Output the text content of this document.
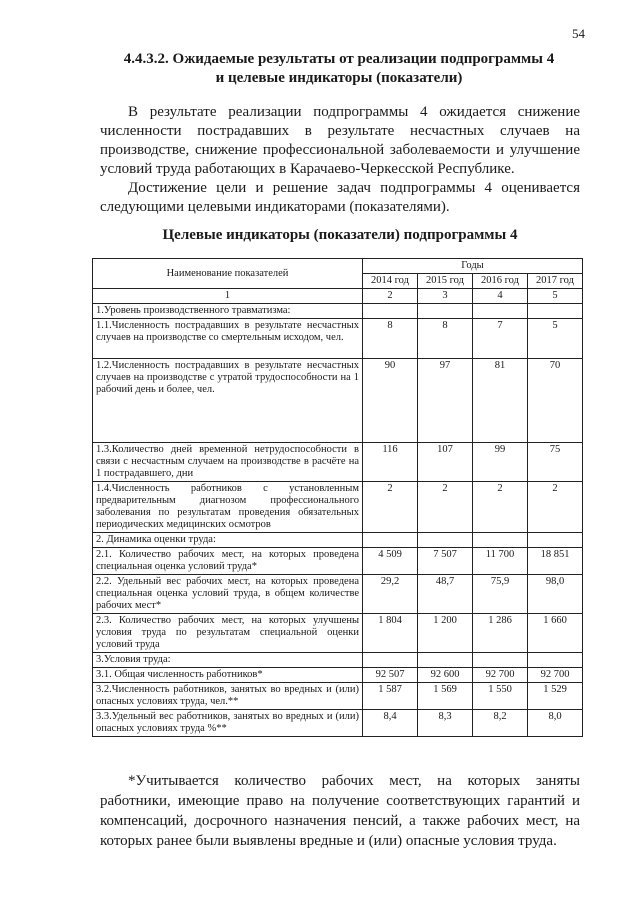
54
4.4.3.2. Ожидаемые результаты от реализации подпрограммы 4
и целевые индикаторы (показатели)
В результате реализации подпрограммы 4 ожидается снижение численности пострадавших в результате несчастных случаев на производстве, снижение профессиональной заболеваемости и улучшение условий труда работающих в Карачаево-Черкесской Республике.
Достижение цели и решение задач подпрограммы 4 оценивается следующими целевыми индикаторами (показателями).
Целевые индикаторы (показатели) подпрограммы 4
Наименование показателей	Годы			
	2014 год	2015 год	2016 год	2017 год
1	2	3	4	5
1.Уровень производственного травматизма:				
1.1.Численность пострадавших в результате несчастных случаев на производстве со смертельным исходом, чел.	8	8	7	5
1.2.Численность пострадавших в результате несчастных случаев на производстве с утратой трудоспособности на 1 рабочий день и более, чел.	90	97	81	70
1.3.Количество дней временной нетрудоспособности в связи с несчастным случаем на производстве в расчёте на 1 пострадавшего, дни	116	107	99	75
1.4.Численность работников с установленным предварительным диагнозом профессионального заболевания по результатам проведения обязательных периодических медицинских осмотров	2	2	2	2
2. Динамика оценки труда:				
2.1. Количество рабочих мест, на которых проведена специальная оценка условий труда*	4 509	7 507	11 700	18 851
2.2. Удельный вес рабочих мест, на которых проведена специальная оценка условий труда, в общем количестве рабочих мест*	29,2	48,7	75,9	98,0
2.3. Количество рабочих мест, на которых улучшены условия труда по результатам специальной оценки условий труда	1 804	1 200	1 286	1 660
3.Условия труда:				
3.1. Общая численность работников*	92 507	92 600	92 700	92 700
3.2.Численность работников, занятых во вредных и (или) опасных условиях труда, чел.**	1 587	1 569	1 550	1 529
3.3.Удельный вес работников, занятых во вредных и (или) опасных условиях труда %**	8,4	8,3	8,2	8,0
*Учитывается количество рабочих мест, на которых заняты работники, имеющие право на получение соответствующих гарантий и компенсаций, досрочного назначения пенсий, а также рабочих мест, на которых ранее были выявлены вредные и (или) опасные условия труда.
